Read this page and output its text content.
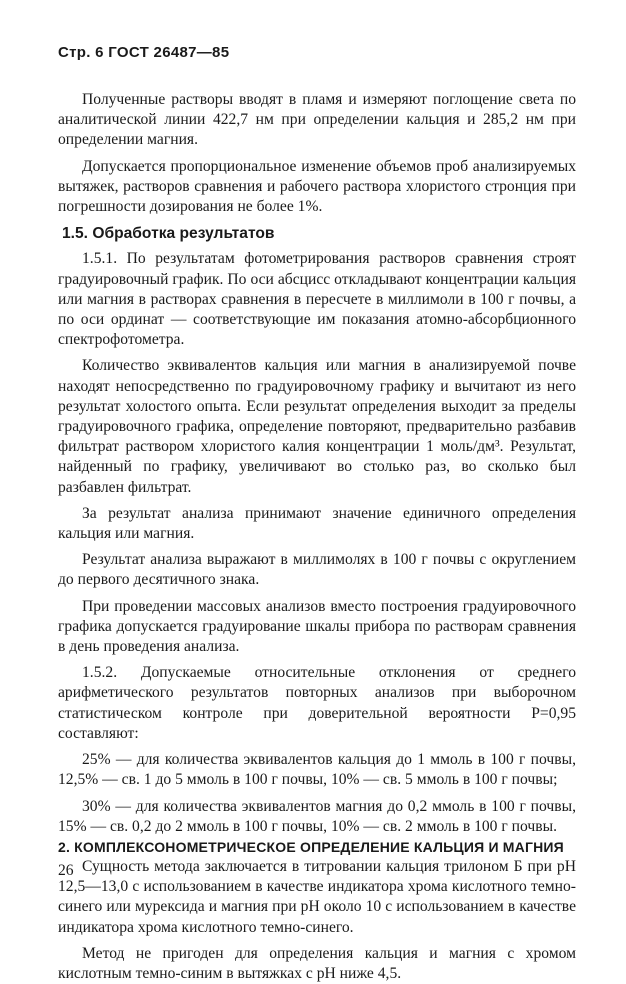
Стр. 6 ГОСТ 26487—85

Полученные растворы вводят в пламя и измеряют поглощение света по аналитической линии 422,7 нм при определении кальция и 285,2 нм при определении магния.

Допускается пропорциональное изменение объемов проб анализируемых вытяжек, растворов сравнения и рабочего раствора хлористого стронция при погрешности дозирования не более 1%.

1.5. Обработка результатов

1.5.1. По результатам фотометрирования растворов сравнения строят градуировочный график. По оси абсцисс откладывают концентрации кальция или магния в растворах сравнения в пересчете в миллимоли в 100 г почвы, а по оси ординат — соответствующие им показания атомно-абсорбционного спектрофотометра.

Количество эквивалентов кальция или магния в анализируемой почве находят непосредственно по градуировочному графику и вычитают из него результат холостого опыта. Если результат определения выходит за пределы градуировочного графика, определение повторяют, предварительно разбавив фильтрат раствором хлористого калия концентрации 1 моль/дм³. Результат, найденный по графику, увеличивают во столько раз, во сколько был разбавлен фильтрат.

За результат анализа принимают значение единичного определения кальция или магния.

Результат анализа выражают в миллимолях в 100 г почвы с округлением до первого десятичного знака.

При проведении массовых анализов вместо построения градуировочного графика допускается градуирование шкалы прибора по растворам сравнения в день проведения анализа.

1.5.2. Допускаемые относительные отклонения от среднего арифметического результатов повторных анализов при выборочном статистическом контроле при доверительной вероятности P=0,95 составляют:

25% — для количества эквивалентов кальция до 1 ммоль в 100 г почвы, 12,5% — св. 1 до 5 ммоль в 100 г почвы, 10% — св. 5 ммоль в 100 г почвы;

30% — для количества эквивалентов магния до 0,2 ммоль в 100 г почвы, 15% — св. 0,2 до 2 ммоль в 100 г почвы, 10% — св. 2 ммоль в 100 г почвы.

2. КОМПЛЕКСОНОМЕТРИЧЕСКОЕ ОПРЕДЕЛЕНИЕ КАЛЬЦИЯ И МАГНИЯ

Сущность метода заключается в титровании кальция трилоном Б при pH 12,5—13,0 с использованием в качестве индикатора хрома кислотного темно-синего или мурексида и магния при pH около 10 с использованием в качестве индикатора хрома кислотного темно-синего.

Метод не пригоден для определения кальция и магния с хромом кислотным темно-синим в вытяжках с pH ниже 4,5.

26
